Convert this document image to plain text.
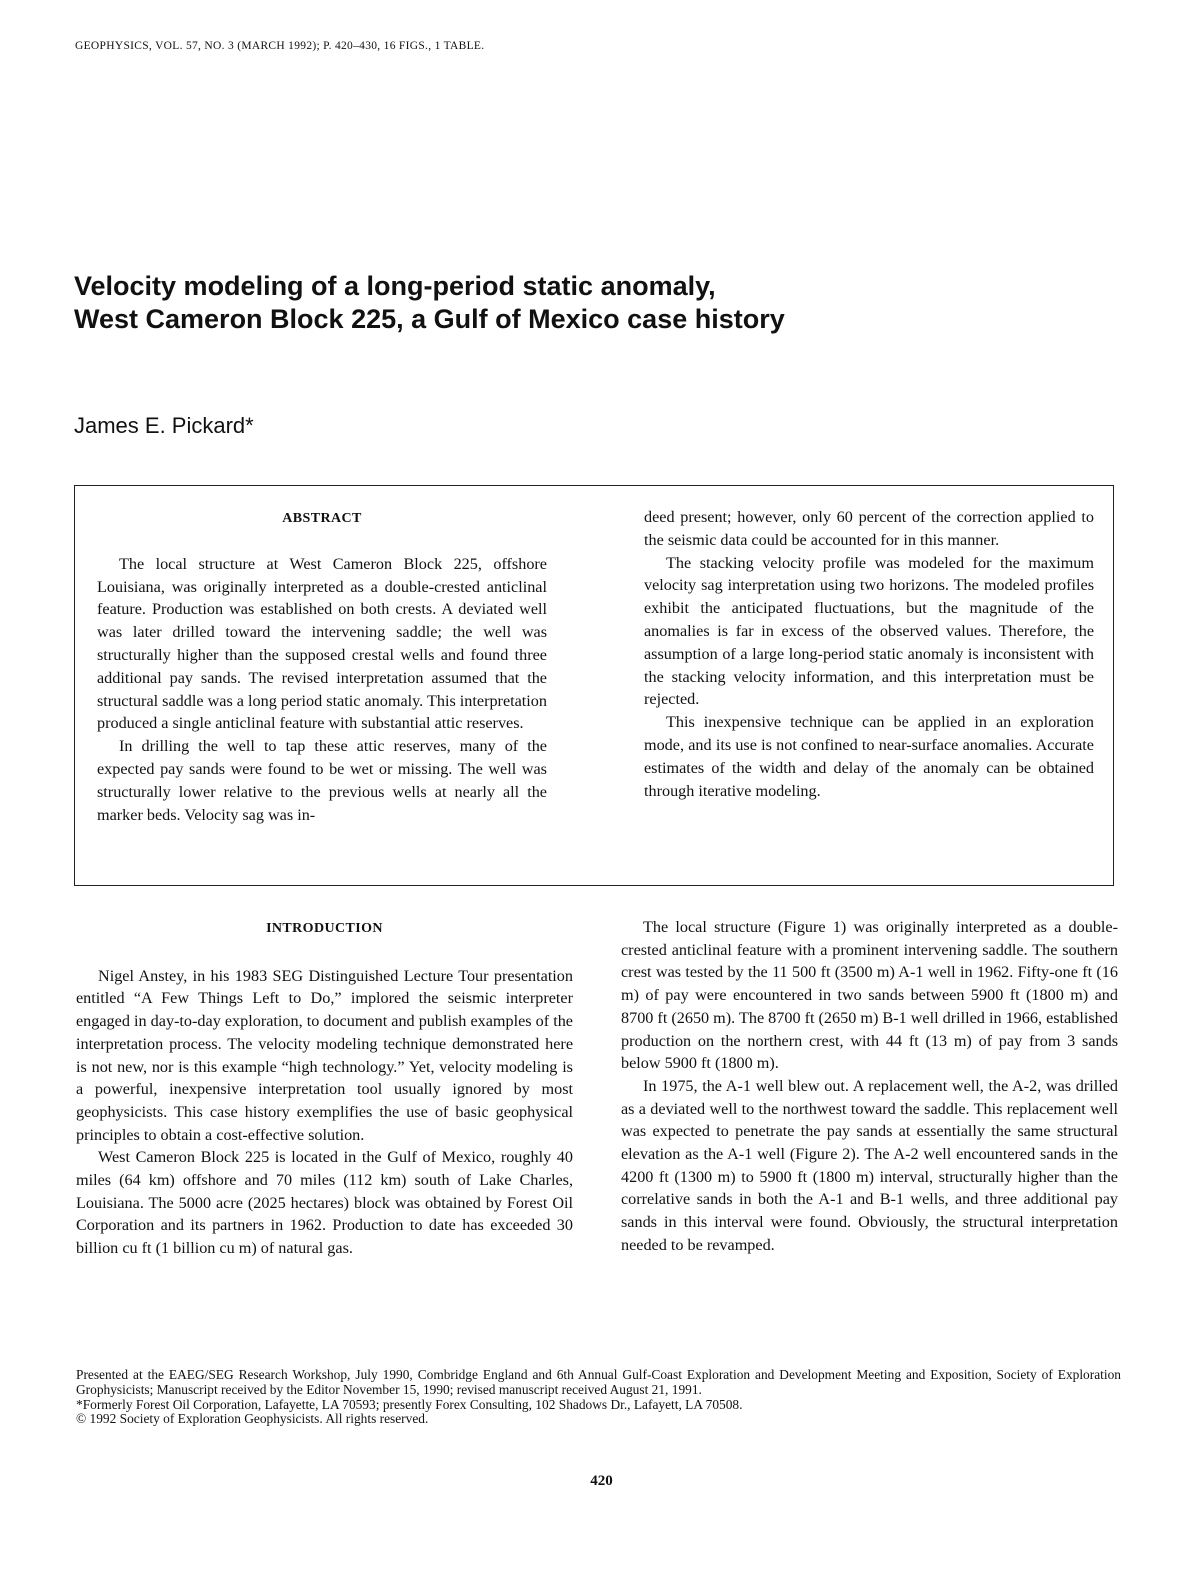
GEOPHYSICS, VOL. 57, NO. 3 (MARCH 1992); P. 420–430, 16 FIGS., 1 TABLE.
Velocity modeling of a long-period static anomaly,
West Cameron Block 225, a Gulf of Mexico case history
James E. Pickard*
ABSTRACT

The local structure at West Cameron Block 225, offshore Louisiana, was originally interpreted as a double-crested anticlinal feature. Production was established on both crests. A deviated well was later drilled toward the intervening saddle; the well was structurally higher than the supposed crestal wells and found three additional pay sands. The revised interpretation assumed that the structural saddle was a long period static anomaly. This interpretation produced a single anticlinal feature with substantial attic reserves.

In drilling the well to tap these attic reserves, many of the expected pay sands were found to be wet or missing. The well was structurally lower relative to the previous wells at nearly all the marker beds. Velocity sag was in-

deed present; however, only 60 percent of the correction applied to the seismic data could be accounted for in this manner.

The stacking velocity profile was modeled for the maximum velocity sag interpretation using two horizons. The modeled profiles exhibit the anticipated fluctuations, but the magnitude of the anomalies is far in excess of the observed values. Therefore, the assumption of a large long-period static anomaly is inconsistent with the stacking velocity information, and this interpretation must be rejected.

This inexpensive technique can be applied in an exploration mode, and its use is not confined to near-surface anomalies. Accurate estimates of the width and delay of the anomaly can be obtained through iterative modeling.

INTRODUCTION

Nigel Anstey, in his 1983 SEG Distinguished Lecture Tour presentation entitled “A Few Things Left to Do,” implored the seismic interpreter engaged in day-to-day exploration, to document and publish examples of the interpretation process. The velocity modeling technique demonstrated here is not new, nor is this example “high technology.” Yet, velocity modeling is a powerful, inexpensive interpretation tool usually ignored by most geophysicists. This case history exemplifies the use of basic geophysical principles to obtain a cost-effective solution.

West Cameron Block 225 is located in the Gulf of Mexico, roughly 40 miles (64 km) offshore and 70 miles (112 km) south of Lake Charles, Louisiana. The 5000 acre (2025 hectares) block was obtained by Forest Oil Corporation and its partners in 1962. Production to date has exceeded 30 billion cu ft (1 billion cu m) of natural gas.

The local structure (Figure 1) was originally interpreted as a double-crested anticlinal feature with a prominent intervening saddle. The southern crest was tested by the 11 500 ft (3500 m) A-1 well in 1962. Fifty-one ft (16 m) of pay were encountered in two sands between 5900 ft (1800 m) and 8700 ft (2650 m). The 8700 ft (2650 m) B-1 well drilled in 1966, established production on the northern crest, with 44 ft (13 m) of pay from 3 sands below 5900 ft (1800 m).

In 1975, the A-1 well blew out. A replacement well, the A-2, was drilled as a deviated well to the northwest toward the saddle. This replacement well was expected to penetrate the pay sands at essentially the same structural elevation as the A-1 well (Figure 2). The A-2 well encountered sands in the 4200 ft (1300 m) to 5900 ft (1800 m) interval, structurally higher than the correlative sands in both the A-1 and B-1 wells, and three additional pay sands in this interval were found. Obviously, the structural interpretation needed to be revamped.

Presented at the EAEG/SEG Research Workshop, July 1990, Combridge England and 6th Annual Gulf-Coast Exploration and Development Meeting and Exposition, Society of Exploration Grophysicists; Manuscript received by the Editor November 15, 1990; revised manuscript received August 21, 1991.
*Formerly Forest Oil Corporation, Lafayette, LA 70593; presently Forex Consulting, 102 Shadows Dr., Lafayett, LA 70508.
© 1992 Society of Exploration Geophysicists. All rights reserved.
420
